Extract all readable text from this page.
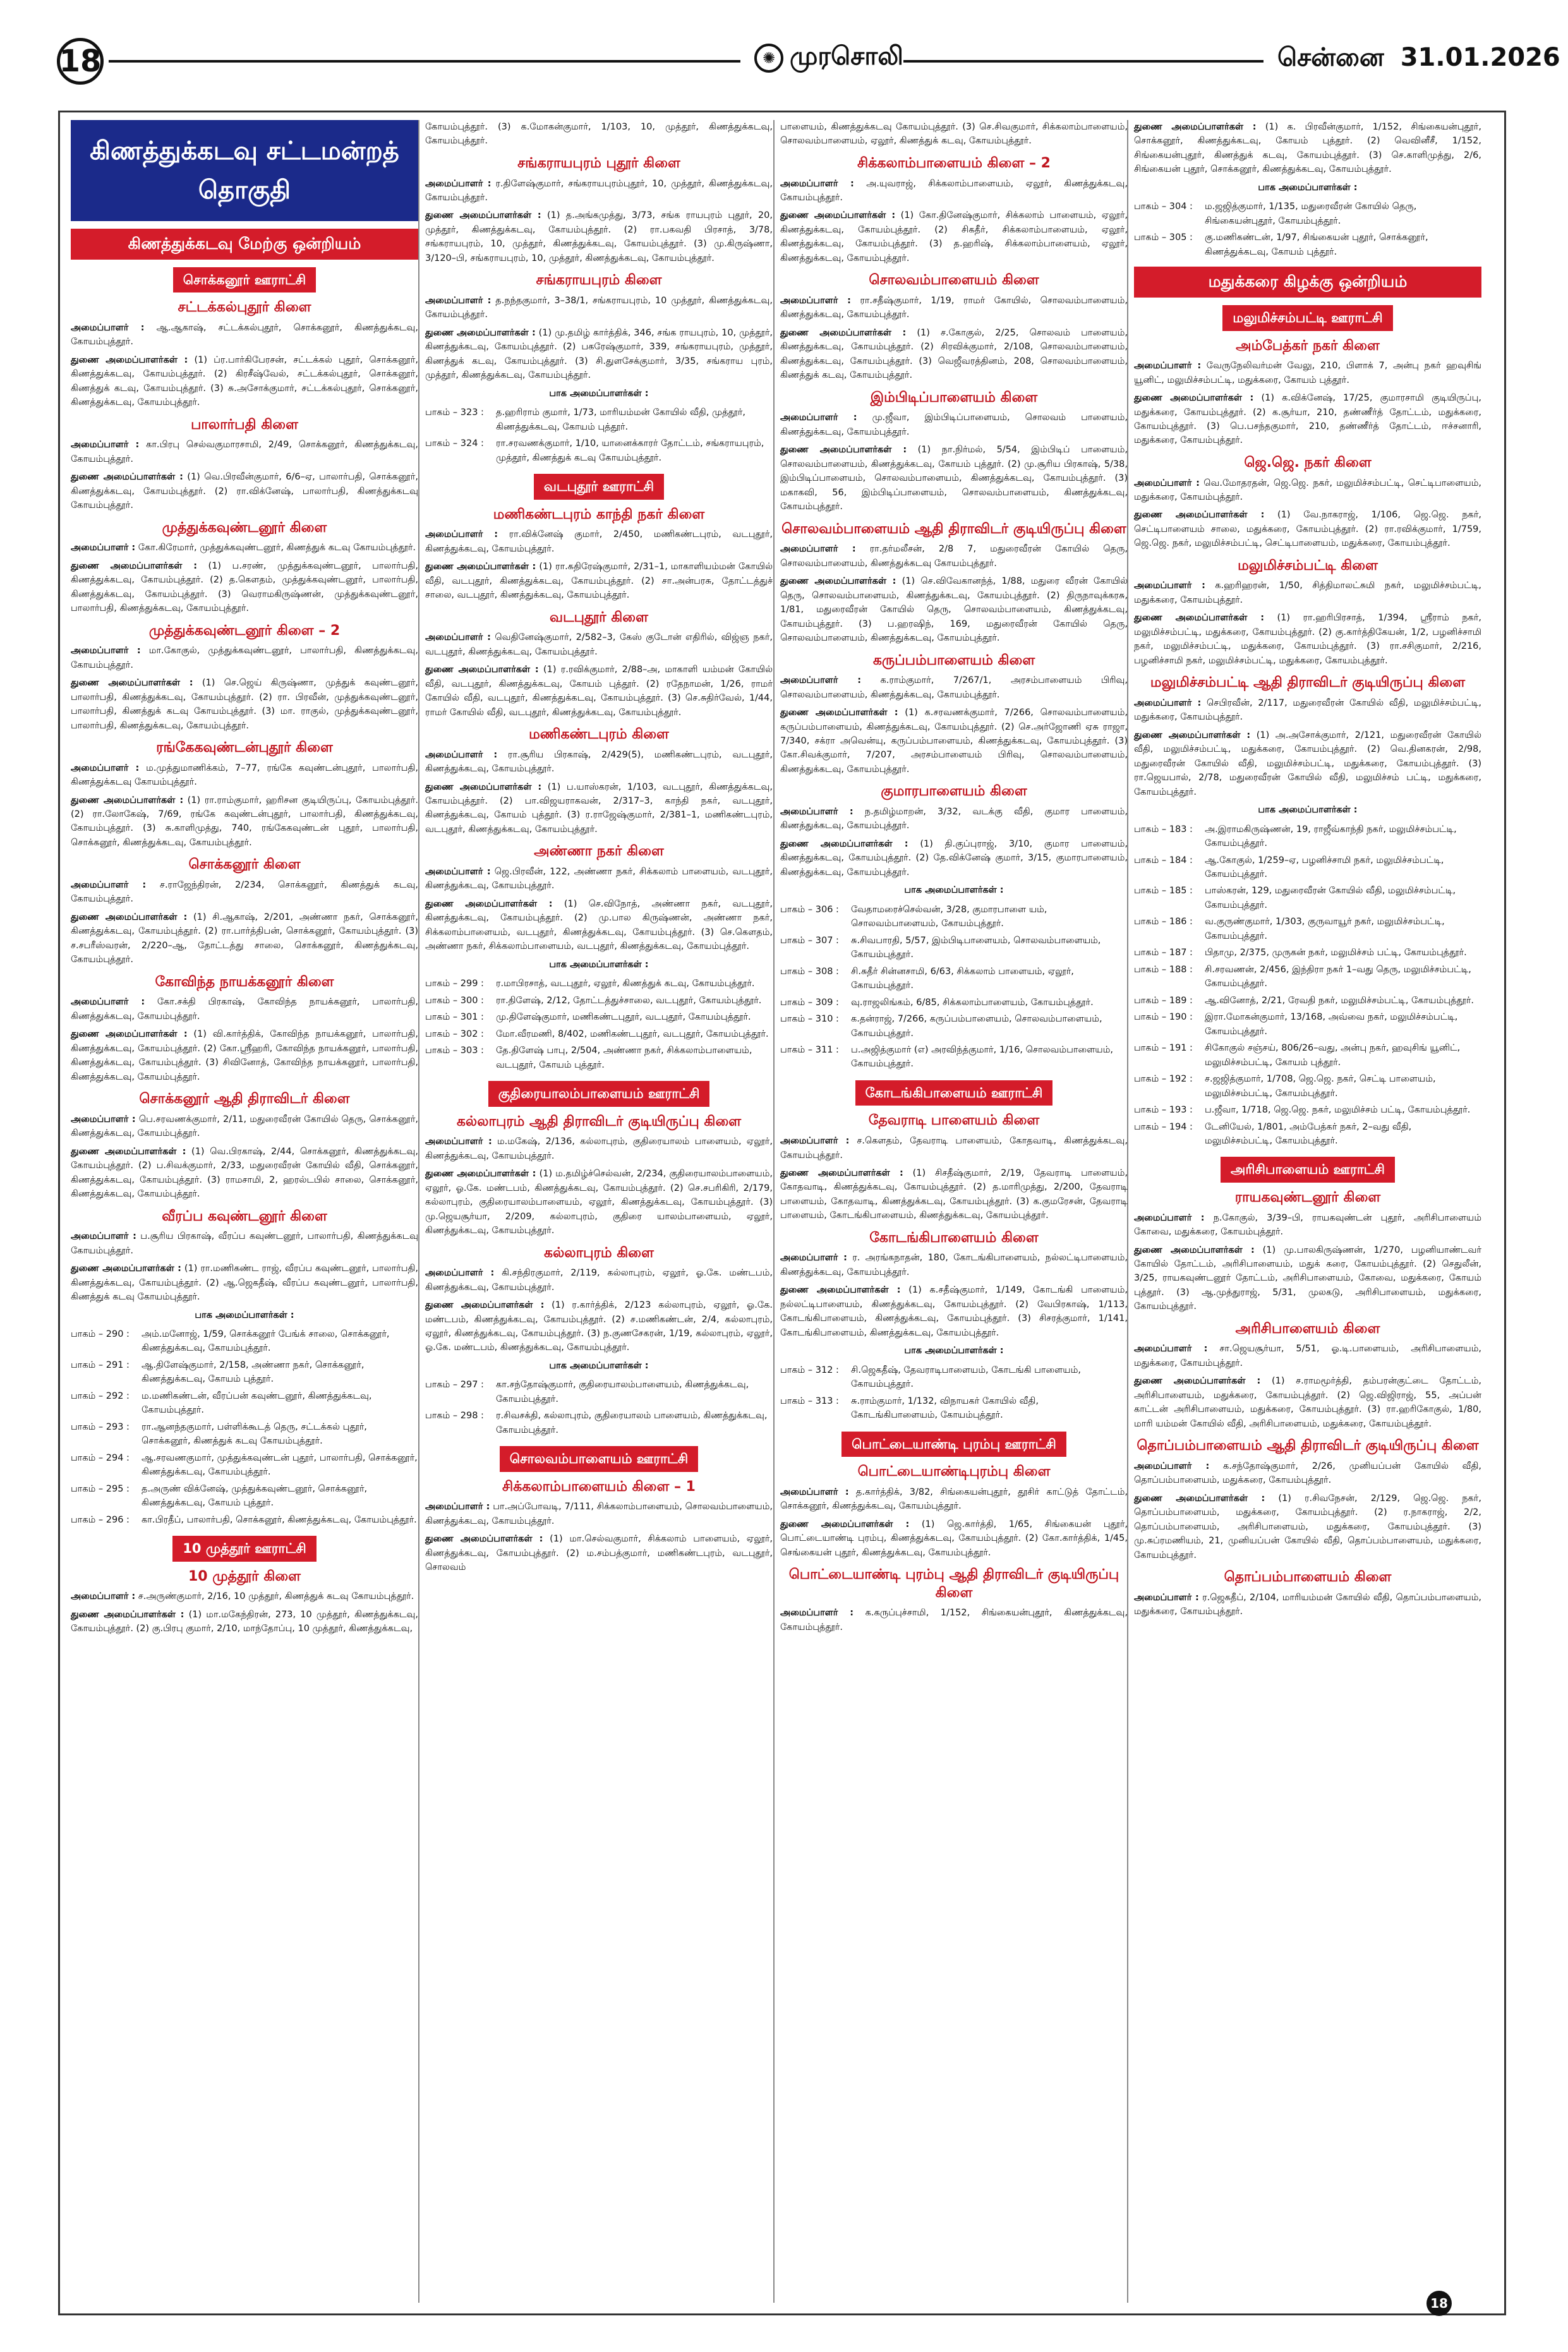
18	✺ முரசொலி	சென்னை 31.01.2026
கிணத்துக்கடவு சட்டமன்றத் தொகுதி
கிணத்துக்கடவு மேற்கு ஒன்றியம்
சொக்கனூர் ஊராட்சி
சட்டக்கல்புதூர் கிளை
அமைப்பாளர் : ஆ.ஆகாஷ், சட்டக்கல்புதூர், சொக்கனூர், கிணத்துக்கடவு, கோயம்புத்தூர்.
துணை அமைப்பாளர்கள் : (1) ப்ர.பார்கிபேரசன், சட்டக்கல் புதூர், சொக்கனூர், கிணத்துக்கடவு, கோயம்புத்தூர். (2) கிரசீஷ்வேல், சட்டக்கல்புதூர், சொக்கனூர், கிணத்துக் கடவு, கோயம்புத்தூர். (3) சு.அசோக்குமார், சட்டக்கல்புதூர், சொக்கனூர், கிணத்துக்கடவு, கோயம்புத்தூர்.
பாலார்பதி கிளை
அமைப்பாளர் : கா.பிரபு செல்வகுமாரசாமி, 2/49, சொக்கனூர், கிணத்துக்கடவு, கோயம்புத்தூர்.
துணை அமைப்பாளர்கள் : (1) வெ.பிரவீன்குமார், 6/6–ஏ, பாலார்பதி, சொக்கனூர், கிணத்துக்கடவு, கோயம்புத்தூர். (2) ரா.விக்னேஷ், பாலார்பதி, கிணத்துக்கடவு கோயம்புத்தூர்.
முத்துக்கவுண்டனூர் கிளை
அமைப்பாளர் : கோ.கிரேமார், முத்துக்கவுண்டனூர், கிணத்துக் கடவு கோயம்புத்தூர்.
துணை அமைப்பாளர்கள் : (1) ப.சரண், முத்துக்கவுண்டனூர், பாலார்பதி, கிணத்துக்கடவு, கோயம்புத்தூர். (2) த.கௌதம், முத்துக்கவுண்டனூர், பாலார்பதி, கிணத்துக்கடவு, கோயம்புத்தூர். (3) வெராமகிருஷ்ணன், முத்துக்கவுண்டனூர், பாலார்பதி, கிணத்துக்கடவு, கோயம்புத்தூர்.
முத்துக்கவுண்டனூர் கிளை – 2
அமைப்பாளர் : மா.கோகுல், முத்துக்கவுண்டனூர், பாலார்பதி, கிணத்துக்கடவு, கோயம்புத்தூர்.
துணை அமைப்பாளர்கள் : (1) செ.ஜெய் கிருஷ்ணா, முத்துக் கவுண்டனூர், பாலார்பதி, கிணத்துக்கடவு, கோயம்புத்தூர். (2) ரா. பிரவீன், முத்துக்கவுண்டனூர், பாலார்பதி, கிணத்துக் கடவு கோயம்புத்தூர். (3) மா. ராகுல், முத்துக்கவுண்டனூர், பாலார்பதி, கிணத்துக்கடவு, கோயம்புத்தூர்.
ரங்கேகவுண்டன்புதூர் கிளை
அமைப்பாளர் : ம.முத்துமாணிக்கம், 7–77, ரங்கே கவுண்டன்புதூர், பாலார்பதி, கிணத்துக்கடவு கோயம்புத்தூர்.
துணை அமைப்பாளர்கள் : (1) ரா.ராம்குமார், ஹரிசன குடியிருப்பு, கோயம்புத்தூர். (2) ரா.லோகேஷ், 7/69, ரங்கே கவுண்டன்புதூர், பாலார்பதி, கிணத்துக்கடவு, கோயம்புத்தூர். (3) சு.காளிமுத்து, 740, ரங்கேகவுண்டன் புதூர், பாலார்பதி, சொக்கனூர், கிணத்துக்கடவு, கோயம்புத்தூர்.
சொக்கனூர் கிளை
அமைப்பாளர் : ச.ராஜேந்திரன், 2/234, சொக்கனூர், கிணத்துக் கடவு, கோயம்புத்தூர்.
துணை அமைப்பாளர்கள் : (1) சி.ஆகாஷ், 2/201, அண்ணா நகர், சொக்கனூர், கிணத்துக்கடவு, கோயம்புத்தூர். (2) ரா.பார்த்திபன், சொக்கனூர், கோயம்புத்தூர். (3) ச.சபரீஸ்வரன், 2/220–ஆ, தோட்டத்து சாலை, சொக்கனூர், கிணத்துக்கடவு, கோயம்புத்தூர்.
கோவிந்த நாயக்கனூர் கிளை
அமைப்பாளர் : கோ.சக்தி பிரகாஷ், கோவிந்த நாயக்கனூர், பாலார்பதி, கிணத்துக்கடவு, கோயம்புத்தூர்.
துணை அமைப்பாளர்கள் : (1) வி.கார்த்திக், கோவிந்த நாயக்கனூர், பாலார்பதி, கிணத்துக்கடவு, கோயம்புத்தூர். (2) கோ.ஸ்ரீஹரி, கோவிந்த நாயக்கனூர், பாலார்பதி, கிணத்துக்கடவு, கோயம்புத்தூர். (3) சிவினோத், கோவிந்த நாயக்கனூர், பாலார்பதி, கிணத்துக்கடவு, கோயம்புத்தூர்.
சொக்கனூர் ஆதி திராவிடர் கிளை
அமைப்பாளர் : பெ.சரவணக்குமார், 2/11, மதுரைவீரன் கோயில் தெரு, சொக்கனூர், கிணத்துக்கடவு, கோயம்புத்தூர்.
துணை அமைப்பாளர்கள் : (1) வெ.பிரகாஷ், 2/44, சொக்கனூர், கிணத்துக்கடவு, கோயம்புத்தூர். (2) ப.சிவக்குமார், 2/33, மதுரைவீரன் கோயில் வீதி, சொக்கனூர், கிணத்துக்கடவு, கோயம்புத்தூர். (3) ராமசாமி, 2, ஹரல்டபில் சாலை, சொக்கனூர், கிணத்துக்கடவு, கோயம்புத்தூர்.
வீரப்ப கவுண்டனூர் கிளை
அமைப்பாளர் : ப.சூரிய பிரகாஷ், வீரப்ப கவுண்டனூர், பாலார்பதி, கிணத்துக்கடவு கோயம்புத்தூர்.
துணை அமைப்பாளர்கள் : (1) ரா.மணிகண்ட ராஜ், வீரப்ப கவுண்டனூர், பாலார்பதி, கிணத்துக்கடவு, கோயம்புத்தூர். (2) ஆ.ஜெகதீஷ், வீரப்ப கவுண்டனூர், பாலார்பதி, கிணத்துக் கடவு கோயம்புத்தூர்.
பாக அமைப்பாளர்கள் :
பாகம் – 290 :	அம்.மனோஜ், 1/59, சொக்கனூர் பேங்க் சாலை, சொக்கனூர், கிணத்துக்கடவு, கோயம்புத்தூர்.
பாகம் – 291 :	ஆ.திளேஷ்குமார், 2/158, அண்ணா நகர், சொக்கனூர், கிணத்துக்கடவு, கோயம் புத்தூர்.
பாகம் – 292 :	ம.மணிகண்டன், வீரப்பன் கவுண்டனூர், கிணத்துக்கடவு, கோயம்புத்தூர்.
பாகம் – 293 :	ரா.ஆனந்தகுமார், பள்ளிக்கூடத் தெரு, சட்டக்கல் புதூர், சொக்கனூர், கிணத்துக் கடவு கோயம்புத்தூர்.
பாகம் – 294 :	ஆ.சரவணகுமார், முத்துக்கவுண்டன் புதூர், பாலார்பதி, சொக்கனூர், கிணத்துக்கடவு, கோயம்புத்தூர்.
பாகம் – 295 :	த.அருண் விக்னேஷ், முத்துக்கவுண்டனூர், சொக்கனூர், கிணத்துக்கடவு, கோயம் புத்தூர்.
பாகம் – 296 :	கா.பிரதீப், பாலார்பதி, சொக்கனூர், கிணத்துக்கடவு, கோயம்புத்தூர்.
10 முத்தூர் ஊராட்சி
10 முத்தூர் கிளை
அமைப்பாளர் : ச.அருண்குமார், 2/16, 10 முத்தூர், கிணத்துக் கடவு கோயம்புத்தூர்.
துணை அமைப்பாளர்கள் : (1) மா.மகேந்திரன், 273, 10 முத்தூர், கிணத்துக்கடவு, கோயம்புத்தூர். (2) கு.பிரபு குமார், 2/10, மாந்தோப்பு, 10 முத்தூர், கிணத்துக்கடவு,
கோயம்புத்தூர். (3) க.மோகன்குமார், 1/103, 10, முத்தூர், கிணத்துக்கடவு, கோயம்புத்தூர்.
சங்கராயபுரம் புதூர் கிளை
அமைப்பாளர் : ர.திளேஷ்குமார், சங்கராயபுரம்புதூர், 10, முத்தூர், கிணத்துக்கடவு, கோயம்புத்தூர்.
துணை அமைப்பாளர்கள் : (1) த.அங்கமுத்து, 3/73, சங்க ராயபுரம் புதூர், 20, முத்தூர், கிணத்துக்கடவு, கோயம்புத்தூர். (2) ரா.பகவதி பிரசாத், 3/78, சங்கராயபுரம், 10, முத்தூர், கிணத்துக்கடவு, கோயம்புத்தூர். (3) மு.கிருஷ்ணா, 3/120–பி, சங்கராயபுரம், 10, முத்தூர், கிணத்துக்கடவு, கோயம்புத்தூர்.
சங்கராயபுரம் கிளை
அமைப்பாளர் : த.நந்தகுமார், 3–38/1, சங்கராயபுரம், 10 முத்தூர், கிணத்துக்கடவு, கோயம்புத்தூர்.
துணை அமைப்பாளர்கள் : (1) மு.தமிழ் கார்த்திக், 346, சங்க ராயபுரம், 10, முத்தூர், கிணத்துக்கடவு, கோயம்புத்தூர். (2) பகரேஷ்குமார், 339, சங்கராயபுரம், முத்தூர், கிணத்துக் கடவு, கோயம்புத்தூர். (3) சி.துளசேக்குமார், 3/35, சங்கராய புரம், முத்தூர், கிணத்துக்கடவு, கோயம்புத்தூர்.
பாக அமைப்பாளர்கள் :
பாகம் – 323 :	த.ஹரிராம் குமார், 1/73, மாரியம்மன் கோயில் வீதி, முத்தூர், கிணத்துக்கடவு, கோயம் புத்தூர்.
பாகம் – 324 :	ரா.சரவணக்குமார், 1/10, யானைக்காரர் தோட்டம், சங்கராயபுரம், முத்தூர், கிணத்துக் கடவு கோயம்புத்தூர்.
வடபுதூர் ஊராட்சி
மணிகண்டபுரம் காந்தி நகர் கிளை
அமைப்பாளர் : ரா.விக்னேஷ் குமார், 2/450, மணிகண்டபுரம், வடபுதூர், கிணத்துக்கடவு, கோயம்புத்தூர்.
துணை அமைப்பாளர்கள் : (1) ரா.கதிரேஷ்குமார், 2/31–1, மாகாளியம்மன் கோயில் வீதி, வடபுதூர், கிணத்துக்கடவு, கோயம்புத்தூர். (2) சா.அன்பரசு, தோட்டத்துச் சாலை, வடபுதூர், கிணத்துக்கடவு, கோயம்புத்தூர்.
வடபுதூர் கிளை
அமைப்பாளர் : வெதினேஷ்குமார், 2/582–3, கேஸ் குடோன் எதிரில், விஜ்ஞ நகர், வடபுதூர், கிணத்துக்கடவு, கோயம்புத்தூர்.
துணை அமைப்பாளர்கள் : (1) ர.ரவிக்குமார், 2/88–அ, மாகாளி யம்மன் கோயில் வீதி, வடபுதூர், கிணத்துக்கடவு, கோயம் புத்தூர். (2) ரதேநாமன், 1/26, ராமர் கோயில் வீதி, வடபுதூர், கிணத்துக்கடவு, கோயம்புத்தூர். (3) செ.சுதிர்வேல், 1/44, ராமர் கோயில் வீதி, வடபுதூர், கிணத்துக்கடவு, கோயம்புத்தூர்.
மணிகண்டபுரம் கிளை
அமைப்பாளர் : ரா.சூரிய பிரகாஷ், 2/429(5), மணிகண்டபுரம், வடபுதூர், கிணத்துக்கடவு, கோயம்புத்தூர்.
துணை அமைப்பாளர்கள் : (1) ப.யாஸ்கரன், 1/103, வடபுதூர், கிணத்துக்கடவு, கோயம்புத்தூர். (2) பா.விஜயராகவன், 2/317–3, காந்தி நகர், வடபுதூர், கிணத்துக்கடவு, கோயம் புத்தூர். (3) ர.ராஜேஷ்குமார், 2/381–1, மணிகண்டபுரம், வடபுதூர், கிணத்துக்கடவு, கோயம்புத்தூர்.
அண்ணா நகர் கிளை
அமைப்பாளர் : ஜெ.பிரவீன், 122, அண்ணா நகர், சிக்கலாம் பாளையம், வடபுதூர், கிணத்துக்கடவு, கோயம்புத்தூர்.
துணை அமைப்பாளர்கள் : (1) செ.விநோத், அண்ணா நகர், வடபுதூர், கிணத்துக்கடவு, கோயம்புத்தூர். (2) மு.பால கிருஷ்ணன், அண்ணா நகர், சிக்கலாம்பாளையம், வடபுதூர், கிணத்துக்கடவு, கோயம்புத்தூர். (3) செ.கௌதம், அண்ணா நகர், சிக்கலாம்பாளையம், வடபுதூர், கிணத்துக்கடவு, கோயம்புத்தூர்.
பாக அமைப்பாளர்கள் :
பாகம் – 299 :	ர.மாபிரசாத், வடபுதூர், ஏலூர், கிணத்துக் கடவு, கோயம்புத்தூர்.
பாகம் – 300 :	ரா.திளேஷ், 2/12, தோட்டத்துச்சாலை, வடபுதூர், கோயம்புத்தூர்.
பாகம் – 301 :	மு.திளேஷ்குமார், மணிகண்டபுதூர், வடபுதூர், கோயம்புத்தூர்.
பாகம் – 302 :	மோ.வீரமணி, 8/402, மணிகண்டபுதூர், வடபுதூர், கோயம்புத்தூர்.
பாகம் – 303 :	தே.திளேஷ் பாபு, 2/504, அண்ணா நகர், சிக்கலாம்பாளையம், வடபுதூர், கோயம் புத்தூர்.
குதிரையாலம்பாளையம் ஊராட்சி
கல்லாபுரம் ஆதி திராவிடர் குடியிருப்பு கிளை
அமைப்பாளர் : ம.மகேஷ், 2/136, கல்லாபுரம், குதிரையாலம் பாளையம், ஏலூர், கிணத்துக்கடவு, கோயம்புத்தூர்.
துணை அமைப்பாளர்கள் : (1) ம.தமிழ்ச்செல்வன், 2/234, குதிரையாலம்பாளையம், ஏலூர், ஓ.கே. மண்டபம், கிணத்துக்கடவு, கோயம்புத்தூர். (2) செ.சபரிகிரி, 2/179, கல்லாபுரம், குதிரையாலம்பாளையம், ஏலூர், கிணத்துக்கடவு, கோயம்புத்தூர். (3) மு.ஜெயசூர்யா, 2/209, கல்லாபுரம், குதிரை யாலம்பாளையம், ஏலூர், கிணத்துக்கடவு, கோயம்புத்தூர்.
கல்லாபுரம் கிளை
அமைப்பாளர் : கி.சந்திரகுமார், 2/119, கல்லாபுரம், ஏலூர், ஓ.கே. மண்டபம், கிணத்துக்கடவு, கோயம்புத்தூர்.
துணை அமைப்பாளர்கள் : (1) ர.கார்த்திக், 2/123 கல்லாபுரம், ஏலூர், ஓ.கே. மண்டபம், கிணத்துக்கடவு, கோயம்புத்தூர். (2) ச.மணிகண்டன், 2/4, கல்லாபுரம், ஏலூர், கிணத்துக்கடவு, கோயம்புத்தூர். (3) ந.குணசேகரன், 1/19, கல்லாபுரம், ஏலூர், ஓ.கே. மண்டபம், கிணத்துக்கடவு, கோயம்புத்தூர்.
பாக அமைப்பாளர்கள் :
பாகம் – 297 :	கா.சந்தோஷ்குமார், குதிரையாலம்பாளையம், கிணத்துக்கடவு, கோயம்புத்தூர்.
பாகம் – 298 :	ர.சிவசக்தி, கல்லாபுரம், குதிரையாலம் பாளையம், கிணத்துக்கடவு, கோயம்புத்தூர்.
சொலவம்பாளையம் ஊராட்சி
சிக்கலாம்பாளையம் கிளை – 1
அமைப்பாளர் : பா.அப்போவடி, 7/111, சிக்கலாம்பாளையம், சொலவம்பாளையம், கிணத்துக்கடவு, கோயம்புத்தூர்.
துணை அமைப்பாளர்கள் : (1) மா.செல்வகுமார், சிக்கலாம் பாளையம், ஏலூர், கிணத்துக்கடவு, கோயம்புத்தூர். (2) ம.சம்பத்குமார், மணிகண்டபுரம், வடபுதூர், சொலவம்
பாளையம், கிணத்துக்கடவு கோயம்புத்தூர். (3) செ.சிவகுமார், சிக்கலாம்பாளையம், சொலவம்பாளையம், ஏலூர், கிணத்துக் கடவு, கோயம்புத்தூர்.
சிக்கலாம்பாளையம் கிளை – 2
அமைப்பாளர் : அ.யுவராஜ், சிக்கலாம்பாளையம், ஏலூர், கிணத்துக்கடவு, கோயம்புத்தூர்.
துணை அமைப்பாளர்கள் : (1) கோ.தினேஷ்குமார், சிக்கலாம் பாளையம், ஏலூர், கிணத்துக்கடவு, கோயம்புத்தூர். (2) சிகதீர், சிக்கலாம்பாளையம், ஏலூர், கிணத்துக்கடவு, கோயம்புத்தூர். (3) த.ஹரிஷ், சிக்கலாம்பாளையம், ஏலூர், கிணத்துக்கடவு, கோயம்புத்தூர்.
சொலவம்பாளையம் கிளை
அமைப்பாளர் : ரா.சதீஷ்குமார், 1/19, ராமர் கோயில், சொலவம்பாளையம், கிணத்துக்கடவு, கோயம்புத்தூர்.
துணை அமைப்பாளர்கள் : (1) ச.கோகுல், 2/25, சொலவம் பாளையம், கிணத்துக்கடவு, கோயம்புத்தூர். (2) சிரவிக்குமார், 2/108, சொலவம்பாளையம், கிணத்துக்கடவு, கோயம்புத்தூர். (3) வெஜீவரத்தினம், 208, சொலவம்பாளையம், கிணத்துக் கடவு, கோயம்புத்தூர்.
இம்பிடிப்பாளையம் கிளை
அமைப்பாளர் : மு.ஜீவா, இம்பிடிப்பாளையம், சொலவம் பாளையம், கிணத்துக்கடவு, கோயம்புத்தூர்.
துணை அமைப்பாளர்கள் : (1) நா.நிர்மல், 5/54, இம்பிடிப் பாளையம், சொலவம்பாளையம், கிணத்துக்கடவு, கோயம் புத்தூர். (2) மு.சூரிய பிரகாஷ், 5/38, இம்பிடிப்பாளையம், சொலவம்பாளையம், கிணத்துக்கடவு, கோயம்புத்தூர். (3) மகாகவி, 56, இம்பிடிப்பாளையம், சொலவம்பாளையம், கிணத்துக்கடவு, கோயம்புத்தூர்.
சொலவம்பாளையம் ஆதி திராவிடர் குடியிருப்பு கிளை
அமைப்பாளர் : ரா.தர்மலீசன், 2/8 7, மதுரைவீரன் கோயில் தெரு, சொலவம்பாளையம், கிணத்துக்கடவு கோயம்புத்தூர்.
துணை அமைப்பாளர்கள் : (1) செ.விவேகானந்த், 1/88, மதுரை வீரன் கோயில் தெரு, சொலவம்பாளையம், கிணத்துக்கடவு, கோயம்புத்தூர். (2) திருநாவுக்கரசு, 1/81, மதுரைவீரன் கோயில் தெரு, சொலவம்பாளையம், கிணத்துக்கடவு, கோயம்புத்தூர். (3) ப.ஹரஷிந், 169, மதுரைவீரன் கோயில் தெரு, சொலவம்பாளையம், கிணத்துக்கடவு, கோயம்புத்தூர்.
கருப்பம்பாளையம் கிளை
அமைப்பாளர் : க.ராம்குமார், 7/267/1, அரசம்பாளையம் பிரிவு, சொலவம்பாளையம், கிணத்துக்கடவு, கோயம்புத்தூர்.
துணை அமைப்பாளர்கள் : (1) க.சரவணக்குமார், 7/266, சொலவம்பாளையம், கருப்பம்பாளையம், கிணத்துக்கடவு, கோயம்புத்தூர். (2) செ.அர்ஜோணி ஏசு ராஜா, 7/340, சக்ரா அவென்யு, கருப்பம்பாளையம், கிணத்துக்கடவு, கோயம்புத்தூர். (3) கோ.சிவக்குமார், 7/207, அரசம்பாளையம் பிரிவு, சொலவம்பாளையம், கிணத்துக்கடவு, கோயம்புத்தூர்.
குமாரபாளையம் கிளை
அமைப்பாளர் : ந.தமிழ்மாறன், 3/32, வடக்கு வீதி, குமார பாளையம், கிணத்துக்கடவு, கோயம்புத்தூர்.
துணை அமைப்பாளர்கள் : (1) தி.குப்புராஜ், 3/10, குமார பாளையம், கிணத்துக்கடவு, கோயம்புத்தூர். (2) தே.விக்னேஷ் குமார், 3/15, குமாரபாளையம், கிணத்துக்கடவு, கோயம்புத்தூர்.
பாக அமைப்பாளர்கள் :
பாகம் – 306 :	வேதாமரைச்செல்வன், 3/28, குமாரபாளை யம், சொலவம்பாளையம், கோயம்புத்தூர்.
பாகம் – 307 :	சு.சிவபாரதி, 5/57, இம்பிடிபாளையம், சொலவம்பாளையம், கோயம்புத்தூர்.
பாகம் – 308 :	சி.சுதீர் சின்னசாமி, 6/63, சிக்கலாம் பாளையம், ஏலூர், கோயம்புத்தூர்.
பாகம் – 309 :	வு.ராஜலிங்கம், 6/85, சிக்கலாம்பாளையம், கோயம்புத்தூர்.
பாகம் – 310 :	க.தன்ராஜ், 7/266, கருப்பம்பாளையம், சொலவம்பாளையம், கோயம்புத்தூர்.
பாகம் – 311 :	ப.அஜித்குமார் (எ) அரவிந்த்குமார், 1/16, சொலவம்பாளையம், கோயம்புத்தூர்.
கோடங்கிபாளையம் ஊராட்சி
தேவராடி பாளையம் கிளை
அமைப்பாளர் : ச.கௌதம், தேவராடி பாளையம், கோதவாடி, கிணத்துக்கடவு, கோயம்புத்தூர்.
துணை அமைப்பாளர்கள் : (1) சிசதீஷ்குமார், 2/19, தேவராடி பாளையம், கோதவாடி, கிணத்துக்கடவு, கோயம்புத்தூர். (2) த.மாரிமுத்து, 2/200, தேவராடி பாளையம், கோதவாடி, கிணத்துக்கடவு, கோயம்புத்தூர். (3) க.குமரேசன், தேவராடி பாளையம், கோடங்கிபாளையம், கிணத்துக்கடவு, கோயம்புத்தூர்.
கோடங்கிபாளையம் கிளை
அமைப்பாளர் : ர. அரங்கநாதன், 180, கோடங்கிபாளையம், நல்லட்டிபாளையம், கிணத்துக்கடவு, கோயம்புத்தூர்.
துணை அமைப்பாளர்கள் : (1) க.சதீஷ்குமார், 1/149, கோடங்கி பாளையம், நல்லட்டிபாளையம், கிணத்துக்கடவு, கோயம்புத்தூர். (2) வேபிரகாஷ், 1/113, கோடங்கிபாளையம், கிணத்துக்கடவு, கோயம்புத்தூர். (3) சிசரத்குமார், 1/141, கோடங்கிபாளையம், கிணத்துக்கடவு, கோயம்புத்தூர்.
பாக அமைப்பாளர்கள் :
பாகம் – 312 :	சி.ஜெகதீஷ், தேவராடிபாளையம், கோடங்கி பாளையம், கோயம்புத்தூர்.
பாகம் – 313 :	சு.ராம்குமார், 1/132, விநாயகர் கோயில் வீதி, கோடங்கிபாளையம், கோயம்புத்தூர்.
பொட்டையாண்டி புரம்பு ஊராட்சி
பொட்டையாண்டிபுரம்பு கிளை
அமைப்பாளர் : த.கார்த்திக், 3/82, சிங்கையன்புதூர், தூசிர் காட்டுத் தோட்டம், சொக்கனூர், கிணத்துக்கடவு, கோயம்புத்தூர்.
துணை அமைப்பாளர்கள் : (1) ஜெ.கார்த்தி, 1/65, சிங்கையன் புதூர், பொட்டையாண்டி புரம்பு, கிணத்துக்கடவு, கோயம்புத்தூர். (2) கோ.கார்த்திக், 1/45, செங்கையன் புதூர், கிணத்துக்கடவு, கோயம்புத்தூர்.
பொட்டையாண்டி புரம்பு ஆதி திராவிடர் குடியிருப்பு கிளை
அமைப்பாளர் : க.கருப்புச்சாமி, 1/152, சிங்கையன்புதூர், கிணத்துக்கடவு, கோயம்புத்தூர்.
துணை அமைப்பாளர்கள் : (1) க. பிரவீன்குமார், 1/152, சிங்கையன்புதூர், சொக்கனூர், கிணத்துக்கடவு, கோயம் புத்தூர். (2) வெவினீசீ, 1/152, சிங்கையன்புதூர், கிணத்துக் கடவு, கோயம்புத்தூர். (3) செ.காளிமுத்து, 2/6, சிங்கையன் புதூர், சொக்கனூர், கிணத்துக்கடவு, கோயம்புத்தூர்.
பாக அமைப்பாளர்கள் :
பாகம் – 304 :	ம.ஜஜித்குமார், 1/135, மதுரைவீரன் கோயில் தெரு, சிங்கையன்புதூர், கோயம்புத்தூர்.
பாகம் – 305 :	கு.மணிகண்டன், 1/97, சிங்கையன் புதூர், சொக்கனூர், கிணத்துக்கடவு, கோயம் புத்தூர்.
மதுக்கரை கிழக்கு ஒன்றியம்
மலுமிச்சம்பட்டி ஊராட்சி
அம்பேத்கர் நகர் கிளை
அமைப்பாளர் : வேருநேலிவர்மன் வேலு, 210, பிளாக் 7, அன்பு நகர் ஹவுசிங் யூனிட், மலுமிச்சம்பட்டி, மதுக்கரை, கோயம் புத்தூர்.
துணை அமைப்பாளர்கள் : (1) க.விக்னேஷ், 17/25, குமாரசாமி குடியிருப்பு, மதுக்கரை, கோயம்புத்தூர். (2) க.சூர்யா, 210, தண்ணீர்த் தோட்டம், மதுக்கரை, கோயம்புத்தூர். (3) பெ.பசந்தகுமார், 210, தண்ணீர்த் தோட்டம், ஈச்சனாரி, மதுக்கரை, கோயம்புத்தூர்.
ஜெ.ஜெ. நகர் கிளை
அமைப்பாளர் : வெ.மோதரதன், ஜெ.ஜெ. நகர், மலுமிச்சம்பட்டி, செட்டிபாளையம், மதுக்கரை, கோயம்புத்தூர்.
துணை அமைப்பாளர்கள் : (1) வே.நாகராஜ், 1/106, ஜெ.ஜெ. நகர், செட்டிபாளையம் சாலை, மதுக்கரை, கோயம்புத்தூர். (2) ரா.ரவிக்குமார், 1/759, ஜெ.ஜெ. நகர், மலுமிச்சம்பட்டி, செட்டிபாளையம், மதுக்கரை, கோயம்புத்தூர்.
மலுமிச்சம்பட்டி கிளை
அமைப்பாளர் : க.ஹரிஹரன், 1/50, சித்திமாலட்சுமி நகர், மலுமிச்சம்பட்டி, மதுக்கரை, கோயம்புத்தூர்.
துணை அமைப்பாளர்கள் : (1) ரா.ஹரிபிரசாத், 1/394, ஸ்ரீராம் நகர், மலுமிச்சம்பட்டி, மதுக்கரை, கோயம்புத்தூர். (2) கு.கார்த்திகேயன், 1/2, பழனிச்சாமி நகர், மலுமிச்சம்பட்டி, மதுக்கரை, கோயம்புத்தூர். (3) ரா.சசிகுமார், 2/216, பழனிச்சாமி நகர், மலுமிச்சம்பட்டி, மதுக்கரை, கோயம்புத்தூர்.
மலுமிச்சம்பட்டி ஆதி திராவிடர் குடியிருப்பு கிளை
அமைப்பாளர் : செபிரவீன், 2/117, மதுரைவீரன் கோயில் வீதி, மலுமிச்சம்பட்டி, மதுக்கரை, கோயம்புத்தூர்.
துணை அமைப்பாளர்கள் : (1) அ.அசோக்குமார், 2/121, மதுரைவீரன் கோயில் வீதி, மலுமிச்சம்பட்டி, மதுக்கரை, கோயம்புத்தூர். (2) வெ.தினகரன், 2/98, மதுரைவீரன் கோயில் வீதி, மலுமிச்சம்பட்டி, மதுக்கரை, கோயம்புத்தூர். (3) ரா.ஜெயபால், 2/78, மதுரைவீரன் கோயில் வீதி, மலுமிச்சம் பட்டி, மதுக்கரை, கோயம்புத்தூர்.
பாக அமைப்பாளர்கள் :
பாகம் – 183 :	அ.இராமகிருஷ்ணன், 19, ராஜீவ்காந்தி நகர், மலுமிச்சம்பட்டி, கோயம்புத்தூர்.
பாகம் – 184 :	ஆ.கோகுல், 1/259–ஏ, பழனிச்சாமி நகர், மலுமிச்சம்பட்டி, கோயம்புத்தூர்.
பாகம் – 185 :	பாஸ்கரன், 129, மதுரைவீரன் கோயில் வீதி, மலுமிச்சம்பட்டி, கோயம்புத்தூர்.
பாகம் – 186 :	வ.குருண்குமார், 1/303, குருவாயூர் நகர், மலுமிச்சம்பட்டி, கோயம்புத்தூர்.
பாகம் – 187 :	பிதாமு, 2/375, முருகன் நகர், மலுமிச்சம் பட்டி, கோயம்புத்தூர்.
பாகம் – 188 :	சி.சரவணன், 2/456, இந்திரா நகர் 1–வது தெரு, மலுமிச்சம்பட்டி, கோயம்புத்தூர்.
பாகம் – 189 :	ஆ.வினோத், 2/21, ரேவதி நகர், மலுமிச்சம்பட்டி, கோயம்புத்தூர்.
பாகம் – 190 :	இரா.மோகன்குமார், 13/168, அவ்வை நகர், மலுமிச்சம்பட்டி, கோயம்புத்தூர்.
பாகம் – 191 :	சிகோகுல் சஞ்சய், 806/26–வது, அன்பு நகர், ஹவுசிங் யூனிட், மலுமிச்சம்பட்டி, கோயம் புத்தூர்.
பாகம் – 192 :	ச.ஜஜித்குமார், 1/708, ஜெ.ஜெ. நகர், செட்டி பாளையம், மலுமிச்சம்பட்டி, கோயம்புத்தூர்.
பாகம் – 193 :	ப.ஜீவா, 1/718, ஜெ.ஜெ. நகர், மலுமிச்சம் பட்டி, கோயம்புத்தூர்.
பாகம் – 194 :	டேனியேல், 1/801, அம்பேத்கர் நகர், 2–வது வீதி, மலுமிச்சம்பட்டி, கோயம்புத்தூர்.
அரிசிபாளையம் ஊராட்சி
ராயகவுண்டனூர் கிளை
அமைப்பாளர் : ந.கோகுல், 3/39–பி, ராயகவுண்டன் புதூர், அரிசிபாளையம் கோவை, மதுக்கரை, கோயம்புத்தூர்.
துணை அமைப்பாளர்கள் : (1) மு.பாலகிருஷ்ணன், 1/270, பழனியாண்டவர் கோயில் தோட்டம், அரிசிபாளையம், மதுக் கரை, கோயம்புத்தூர். (2) செதுலீன், 3/25, ராயகவுண்டனூர் தோட்டம், அரிசிபாளையம், கோவை, மதுக்கரை, கோயம் புத்தூர். (3) ஆ.முத்துராஜ், 5/31, முலகடு, அரிசிபாளையம், மதுக்கரை, கோயம்புத்தூர்.
அரிசிபாளையம் கிளை
அமைப்பாளர் : சா.ஜெயசூர்யா, 5/51, ஓ.டி.பாளையம், அரிசிபாளையம், மதுக்கரை, கோயம்புத்தூர்.
துணை அமைப்பாளர்கள் : (1) ச.ராமமூர்த்தி, தம்பரன்குட்டை தோட்டம், அரிசிபாளையம், மதுக்கரை, கோயம்புத்தூர். (2) ஜெ.விஜிராஜ், 55, அப்பன் காட்டன் அரிசிபாளையம், மதுக்கரை, கோயம்புத்தூர். (3) ரா.ஹரிகோகுல், 1/80, மாரி யம்மன் கோயில் வீதி, அரிசிபாளையம், மதுக்கரை, கோயம்புத்தூர்.
தொப்பம்பாளையம் ஆதி திராவிடர் குடியிருப்பு கிளை
அமைப்பாளர் : க.சந்தோஷ்குமார், 2/26, முனியப்பன் கோயில் வீதி, தொப்பம்பாளையம், மதுக்கரை, கோயம்புத்தூர்.
துணை அமைப்பாளர்கள் : (1) ர.சிவநேசன், 2/129, ஜெ.ஜெ. நகர், தொப்பம்பாளையம், மதுக்கரை, கோயம்புத்தூர். (2) ர.நாகராஜ், 2/2, தொப்பம்பாளையம், அரிசிபாளையம், மதுக்கரை, கோயம்புத்தூர். (3) மு.சுப்ரமணியம், 21, முனியப்பன் கோயில் வீதி, தொப்பம்பாளையம், மதுக்கரை, கோயம்புத்தூர்.
தொப்பம்பாளையம் கிளை
அமைப்பாளர் : ர.ஜெகதீப், 2/104, மாரியம்மன் கோயில் வீதி, தொப்பம்பாளையம், மதுக்கரை, கோயம்புத்தூர்.
18
